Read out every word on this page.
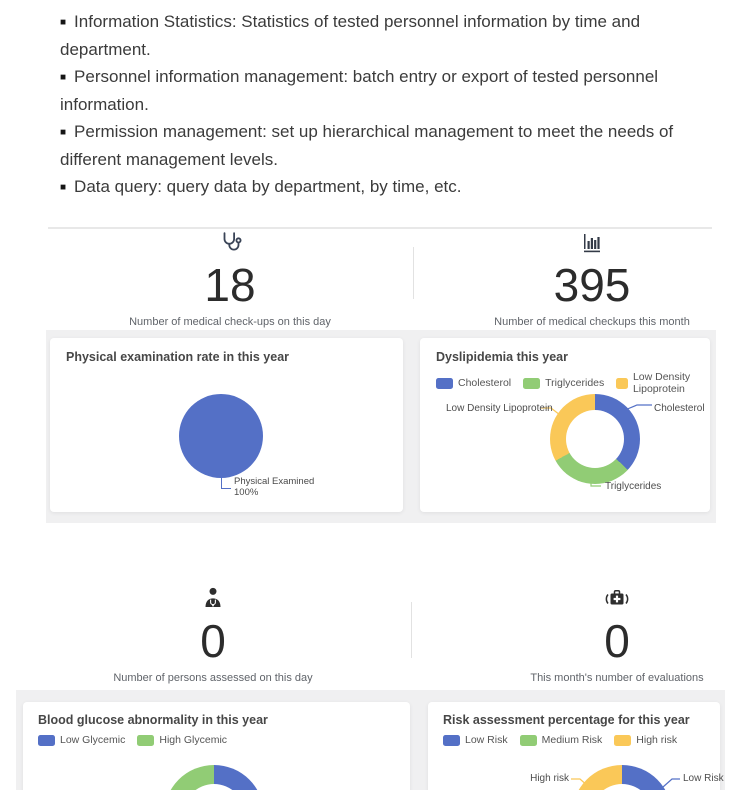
■ Information Statistics: Statistics of tested personnel information by time and department.

■ Personnel information management: batch entry or export of tested personnel information.

■ Permission management: set up hierarchical management to meet the needs of different management levels.

■ Data query: query data by department, by time, etc.

18
Number of medical check-ups on this day
395
Number of medical checkups this month
Physical examination rate in this year
Physical Examined
100%
Dyslipidemia this year
Cholesterol	Triglycerides	Low Density Lipoprotein
Low Density Lipoprotein	Cholesterol
Triglycerides
0
Number of persons assessed on this day
0
This month's number of evaluations
Blood glucose abnormality in this year
Low Glycemic	High Glycemic
Risk assessment percentage for this year
Low Risk	Medium Risk	High risk
High risk	Low Risk
